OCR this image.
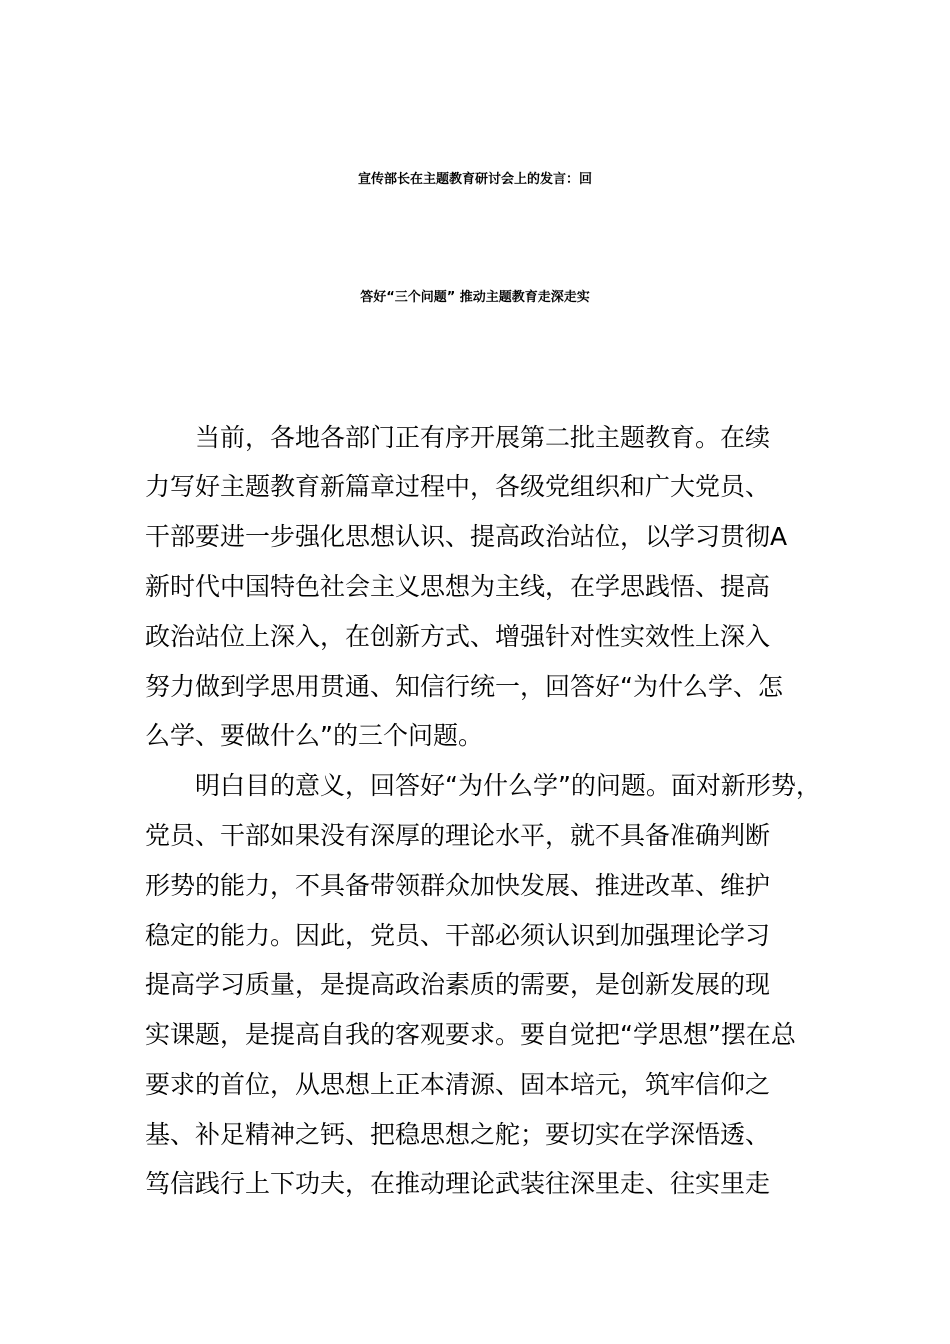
宣传部长在主题教育研讨会上的发言：回
答好“三个问题” 推动主题教育走深走实
当前，各地各部门正有序开展第二批主题教育。在续
力写好主题教育新篇章过程中，各级党组织和广大党员、
干部要进一步强化思想认识、提高政治站位，以学习贯彻A
新时代中国特色社会主义思想为主线，在学思践悟、提高
政治站位上深入，在创新方式、增强针对性实效性上深入
努力做到学思用贯通、知信行统一，回答好“为什么学、怎
么学、要做什么”的三个问题。
明白目的意义，回答好“为什么学”的问题。面对新形势，
党员、干部如果没有深厚的理论水平，就不具备准确判断
形势的能力，不具备带领群众加快发展、推进改革、维护
稳定的能力。因此，党员、干部必须认识到加强理论学习
提高学习质量，是提高政治素质的需要，是创新发展的现
实课题，是提高自我的客观要求。要自觉把“学思想”摆在总
要求的首位，从思想上正本清源、固本培元，筑牢信仰之
基、补足精神之钙、把稳思想之舵；要切实在学深悟透、
笃信践行上下功夫，在推动理论武装往深里走、往实里走
